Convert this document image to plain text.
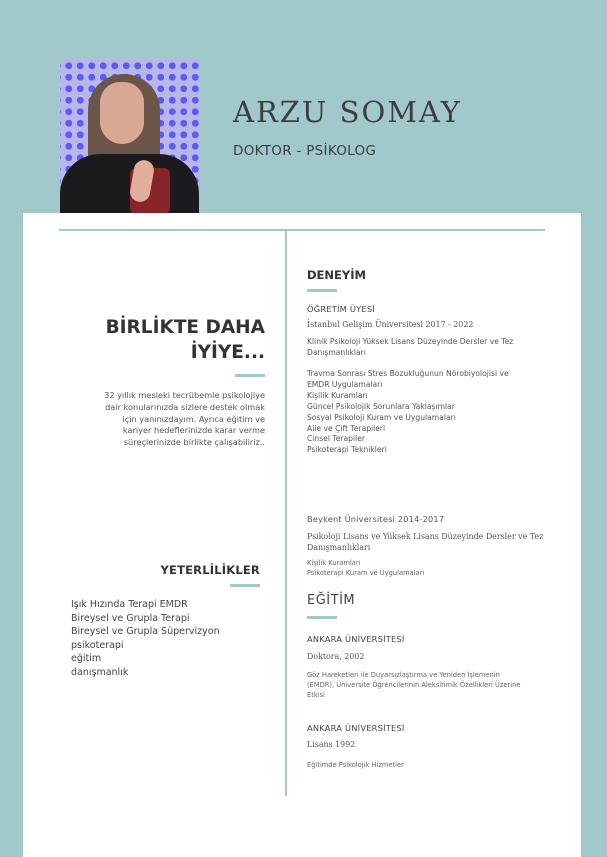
ARZU SOMAY
DOKTOR - PSİKOLOG
BİRLİKTE DAHA
İYİYE...

32 yıllık mesleki tecrübemle psikolojiye
dair konularınızda sizlere destek olmak
için yanınızdayım. Ayrıca eğitim ve
kariyer hedeflerinizde karar verme
süreçlerinizde birlikte çalışabiliriz..

YETERLİLİKLER
Işık Hızında Terapi EMDR
Bireysel ve Grupla Terapi
Bireysel ve Grupla Süpervizyon
psikoterapi
eğitim
danışmanlık
DENEYİM
ÖĞRETİM ÜYESİ
İstanbul Gelişim Üniversitesi 2017 - 2022
Klinik Psikoloji Yüksek Lisans Düzeyinde Dersler ve Tez
Danışmanlıkları
Travma Sonrası Stres Bozukluğunun Nörobiyolojisi ve
EMDR Uygulamaları
Kişilik Kuramları
Güncel Psikolojik Sorunlara Yaklaşımlar
Sosyal Psikoloji Kuram ve Uygulamaları
Aile ve Çift Terapileri
Cinsel Terapiler
Psikoterapi Teknikleri
Beykent Üniversitesi 2014-2017
Psikoloji Lisans ve Yüksek Lisans Düzeyinde Dersler ve Tez
Danışmanlıkları
Kişilik Kuramları
Psikoterapi Kuram ve Uygulamaları
EĞİTİM
ANKARA ÜNİVERSİTESİ
Doktora, 2002
Göz Hareketleri ile Duyarsızlaştırma ve Yeniden İşlemenin
(EMDR), Üniversite Öğrencilerinin Aleksitimik Özellikleri Üzerine
Etkisi
ANKARA ÜNİVERSİTESİ
Lisans 1992
Eğitimde Psikolojik Hizmetler
